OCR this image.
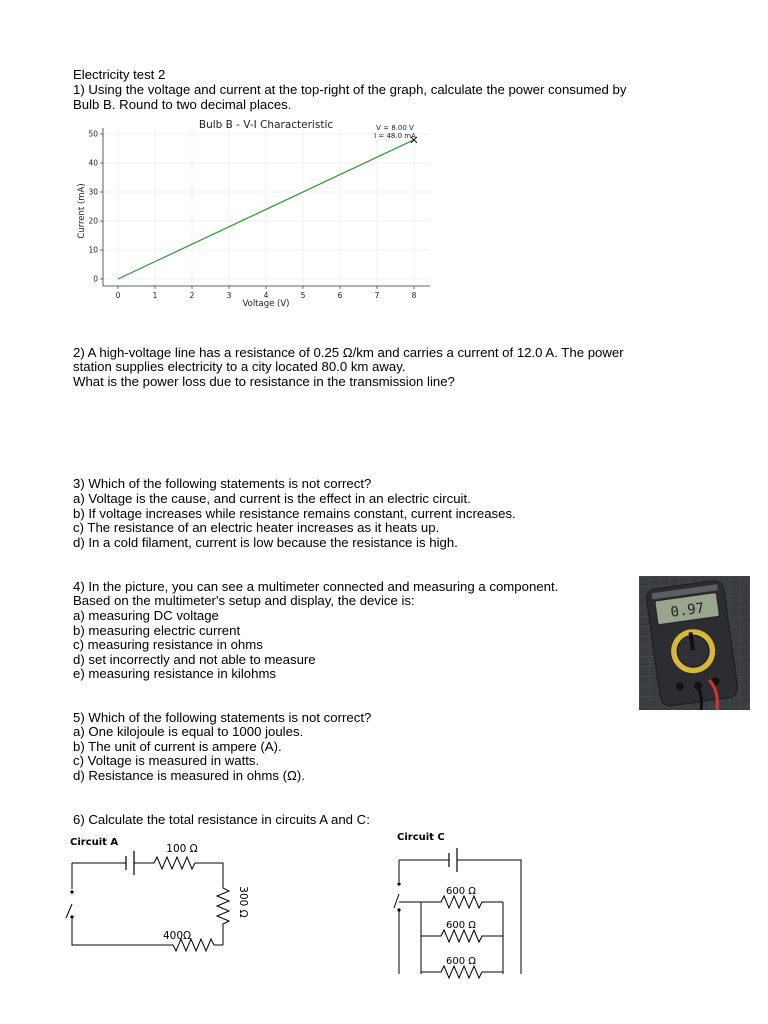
Electricity test 2
1) Using the voltage and current at the top-right of the graph, calculate the power consumed by
Bulb B. Round to two decimal places.
Bulb B - V-I Characteristic
0	1	2	3	4	5	6	7	8
0
10
20
30
40
50
Voltage (V)
Current (mA)
V = 8.00 V
I = 48.0 mA
2) A high-voltage line has a resistance of 0.25 Ω/km and carries a current of 12.0 A. The power
station supplies electricity to a city located 80.0 km away.
What is the power loss due to resistance in the transmission line?
3) Which of the following statements is not correct?
a) Voltage is the cause, and current is the effect in an electric circuit.
b) If voltage increases while resistance remains constant, current increases.
c) The resistance of an electric heater increases as it heats up.
d) In a cold filament, current is low because the resistance is high.
4) In the picture, you can see a multimeter connected and measuring a component.
Based on the multimeter's setup and display, the device is:
a) measuring DC voltage
b) measuring electric current
c) measuring resistance in ohms
d) set incorrectly and not able to measure
e) measuring resistance in kilohms
0.97
5) Which of the following statements is not correct?
a) One kilojoule is equal to 1000 joules.
b) The unit of current is ampere (A).
c) Voltage is measured in watts.
d) Resistance is measured in ohms (Ω).
6) Calculate the total resistance in circuits A and C:
Circuit A
100 Ω
300 Ω
400Ω
Circuit C
600 Ω
600 Ω
600 Ω
